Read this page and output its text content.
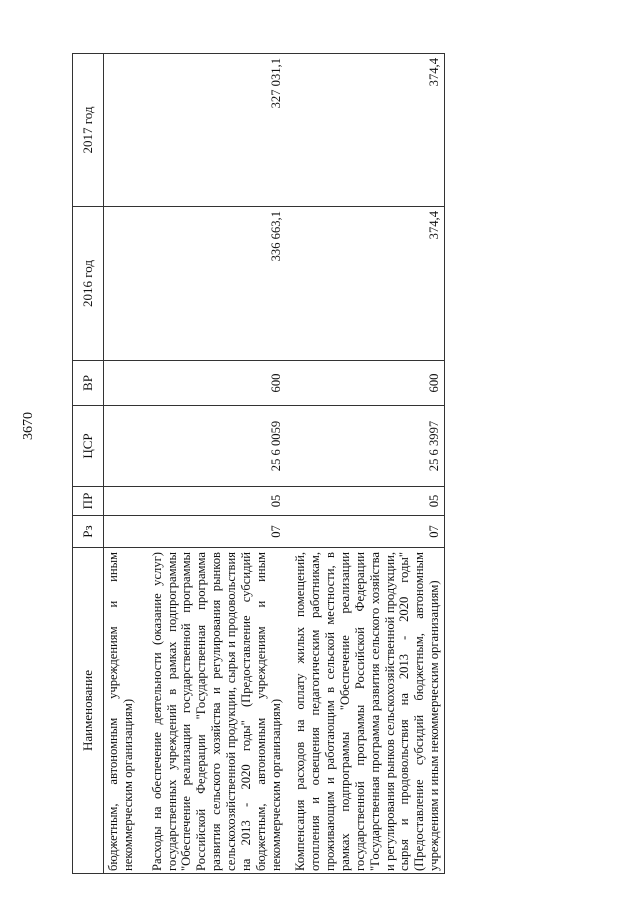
3670
Наименование	Рз	ПР	ЦСР	ВР	2016 год	2017 год
бюджетным, автономным учреждениям и иным некоммерческим организациям)						
Расходы на обеспечение деятельности (оказание услуг) государственных учреждений в рамках подпрограммы "Обеспечение реализации государственной программы Российской Федерации "Государственная программа развития сельского хозяйства и регулирования рынков сельскохозяйственной продукции, сырья и продовольствия на 2013 - 2020 годы" (Предоставление субсидий бюджетным, автономным учреждениям и иным некоммерческим организациям)	07	05	25 6 0059	600	336 663,1	327 031,1
Компенсация расходов на оплату жилых помещений, отопления и освещения педагогическим работникам, проживающим и работающим в сельской местности, в рамках подпрограммы "Обеспечение реализации государственной программы Российской Федерации "Государственная программа развития сельского хозяйства и регулирования рынков сельскохозяйственной продукции, сырья и продовольствия на 2013 - 2020 годы" (Предоставление субсидий бюджетным, автономным учреждениям и иным некоммерческим организациям)	07	05	25 6 3997	600	374,4	374,4
